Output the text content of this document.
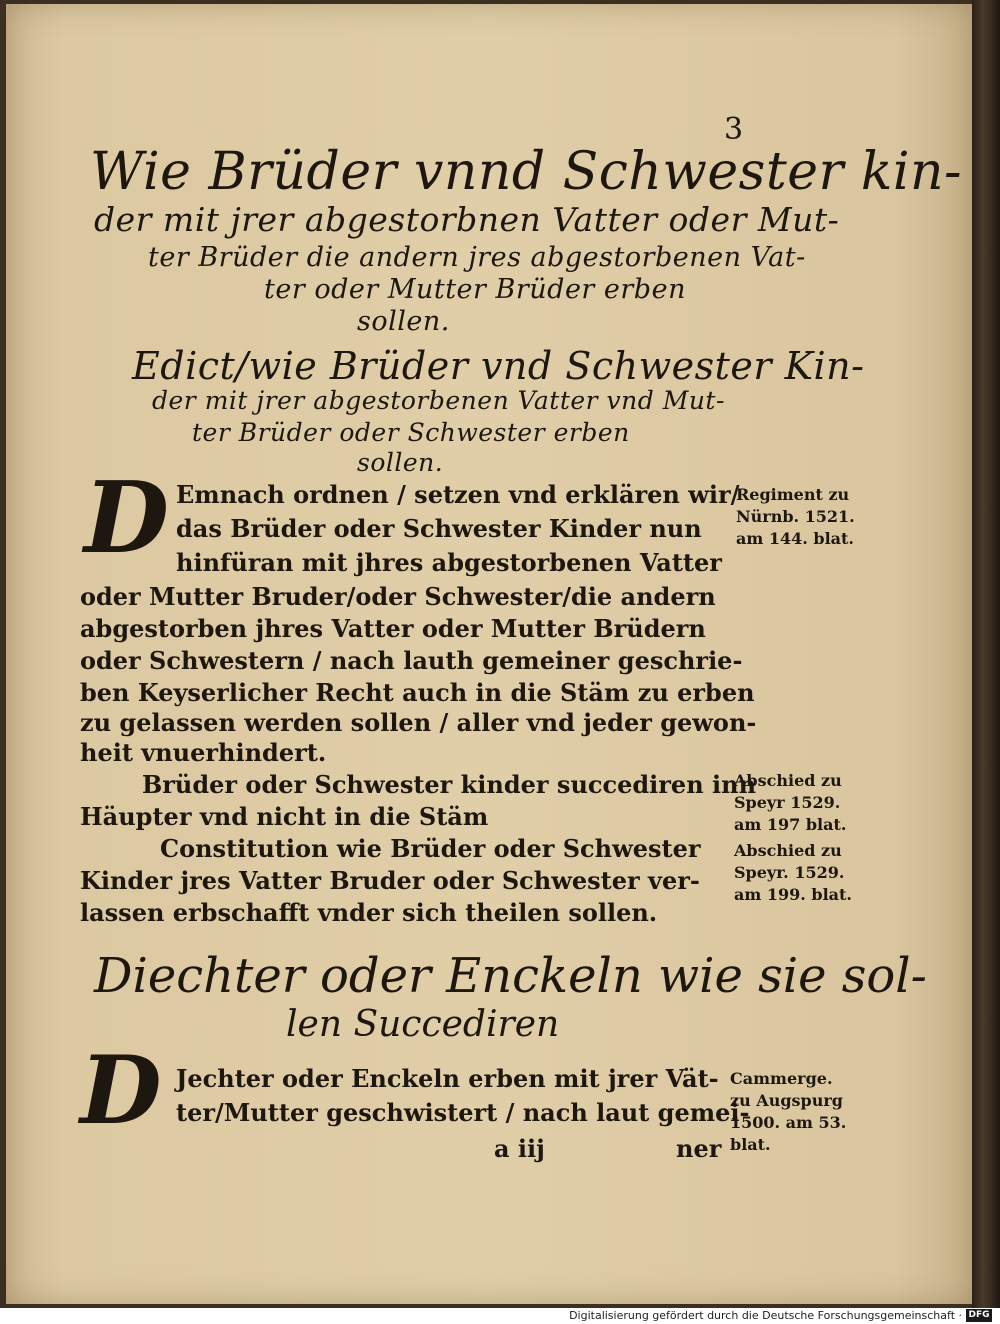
3
Wie Brüder vnnd Schwester kin-
der mit jrer abgestorbnen Vatter oder Mut-
ter Brüder die andern jres abgestorbenen Vat-
ter oder Mutter Brüder erben
sollen.
Edict/wie Brüder vnd Schwester Kin-
der mit jrer abgestorbenen Vatter vnd Mut-
ter Brüder oder Schwester erben
sollen.
D Emnach ordnen / setzen vnd erklären wir/
das Brüder oder Schwester Kinder nun
hinfüran mit jhres abgestorbenen Vatter
oder Mutter Bruder/oder Schwester/die andern
abgestorben jhres Vatter oder Mutter Brüdern
oder Schwestern / nach lauth gemeiner geschrie-
ben Keyserlicher Recht auch in die Stäm zu erben
zu gelassen werden sollen / aller vnd jeder gewon-
heit vnuerhindert.
Brüder oder Schwester kinder succediren inn
Häupter vnd nicht in die Stäm
Constitution wie Brüder oder Schwester
Kinder jres Vatter Bruder oder Schwester ver-
lassen erbschafft vnder sich theilen sollen.
Diechter oder Enckeln wie sie sol-
len Succediren
D Jechter oder Enckeln erben mit jrer Vät-
ter/Mutter geschwistert / nach laut gemei-
a iij	ner
Regiment zu
Nürnb. 1521.
am 144. blat.
Abschied zu
Speyr 1529.
am 197 blat.
Abschied zu
Speyr. 1529.
am 199. blat.
Cammerge.
zu Augspurg
1500. am 53.
blat.
Digitalisierung gefördert durch die Deutsche Forschungsgemeinschaft · DFG
